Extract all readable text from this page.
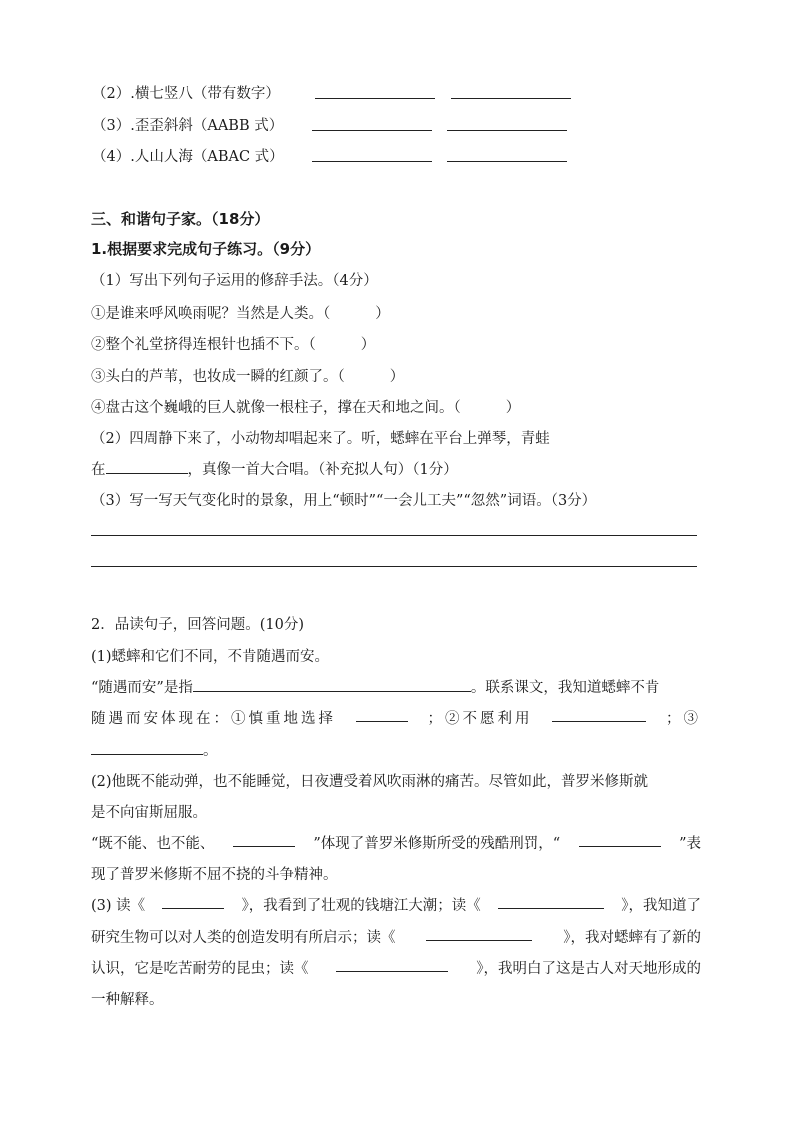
（2）.横七竖八（带有数字）
（3）.歪歪斜斜（AABB 式）
（4）.人山人海（ABAC 式）
三、和谐句子家。（18分）
1.根据要求完成句子练习。（9分）
（1）写出下列句子运用的修辞手法。（4分）
①是谁来呼风唤雨呢？当然是人类。（	）
②整个礼堂挤得连根针也插不下。（	）
③头白的芦苇，也妆成一瞬的红颜了。（	）
④盘古这个巍峨的巨人就像一根柱子，撑在天和地之间。（	）
（2）四周静下来了，小动物却唱起来了。听，蟋蟀在平台上弹琴，青蛙
在	，真像一首大合唱。（补充拟人句）（1分）
（3）写一写天气变化时的景象，用上“顿时”“一会儿工夫”“忽然”词语。（3分）
2．品读句子，回答问题。(10分)
(1)蟋蟀和它们不同，不肯随遇而安。
“随遇而安”是指	。联系课文，我知道蟋蟀不肯
随遇而安体现在：①慎重地选择	；②不愿利用	；③
。
(2)他既不能动弹，也不能睡觉，日夜遭受着风吹雨淋的痛苦。尽管如此，普罗米修斯就
是不向宙斯屈服。
“既不能、也不能、	”体现了普罗米修斯所受的残酷刑罚，“	”表
现了普罗米修斯不屈不挠的斗争精神。
(3) 读《	》，我看到了壮观的钱塘江大潮；读《	》，我知道了
研究生物可以对人类的创造发明有所启示；读《	》，我对蟋蟀有了新的
认识，它是吃苦耐劳的昆虫；读《	》，我明白了这是古人对天地形成的
一种解释。
